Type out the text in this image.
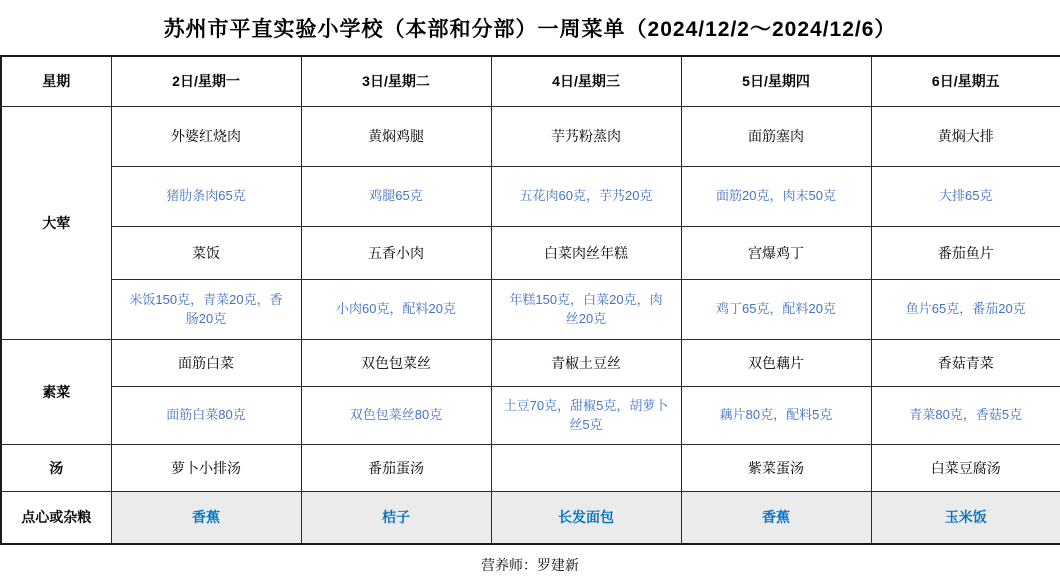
苏州市平直实验小学校（本部和分部）一周菜单（2024/12/2～2024/12/6）
星期	2日/星期一	3日/星期二	4日/星期三	5日/星期四	6日/星期五
大荤	外婆红烧肉	黄焖鸡腿	芋艿粉蒸肉	面筋塞肉	黄焖大排
	猪肋条肉65克	鸡腿65克	五花肉60克，芋艿20克	面筋20克，肉末50克	大排65克
	菜饭	五香小肉	白菜肉丝年糕	宫爆鸡丁	番茄鱼片
	米饭150克，青菜20克，香肠20克	小肉60克，配料20克	年糕150克，白菜20克，肉丝20克	鸡丁65克，配料20克	鱼片65克，番茄20克
素菜	面筋白菜	双色包菜丝	青椒土豆丝	双色藕片	香菇青菜
	面筋白菜80克	双色包菜丝80克	土豆70克，甜椒5克，胡萝卜丝5克	藕片80克，配料5克	青菜80克，香菇5克
汤	萝卜小排汤	番茄蛋汤		紫菜蛋汤	白菜豆腐汤
点心或杂粮	香蕉	桔子	长发面包	香蕉	玉米饭
营养师：罗建新
